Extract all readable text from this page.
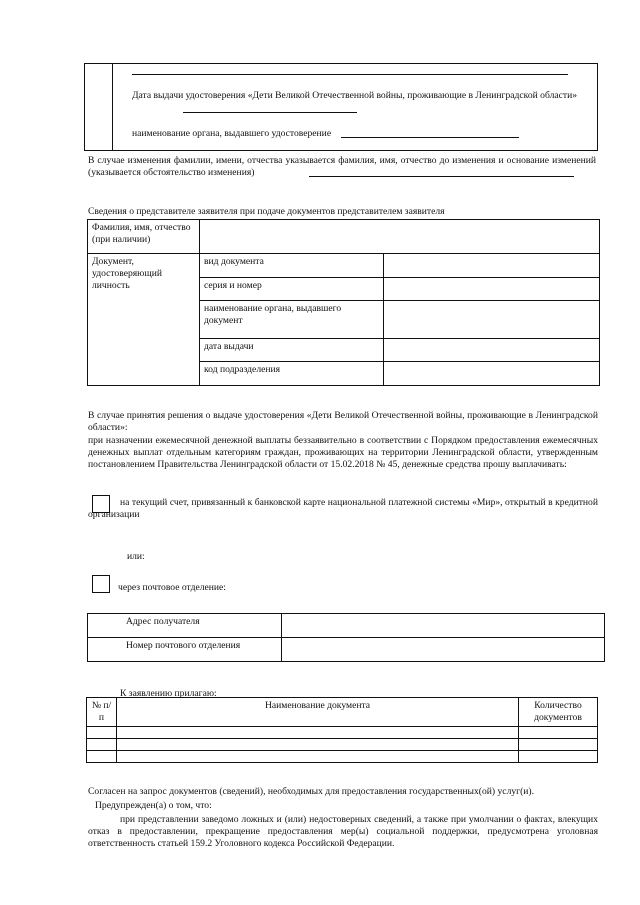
Дата выдачи удостоверения «Дети Великой Отечественной войны, проживающие в Ленинградской области»
наименование органа, выдавшего удостоверение
В случае изменения фамилии, имени, отчества указывается фамилия, имя, отчество до изменения и основание изменений (указывается обстоятельство изменения)
Сведения о представителе заявителя при подаче документов представителем заявителя
Фамилия, имя, отчество (при наличии)		
Документ, удостоверяющий личность	вид документа	
	серия и номер	
	наименование органа, выдавшего документ	
	дата выдачи	
	код подразделения	
В случае принятия решения о выдаче удостоверения «Дети Великой Отечественной войны, проживающие в Ленинградской области»:
при назначении ежемесячной денежной выплаты беззаявительно в соответствии с Порядком предоставления ежемесячных денежных выплат отдельным категориям граждан, проживающих на территории Ленинградской области, утвержденным постановлением Правительства Ленинградской области от 15.02.2018 № 45, денежные средства прошу выплачивать:
на текущий счет, привязанный к банковской карте национальной платежной системы «Мир», открытый в кредитной организации
или:
через почтовое отделение:
Адрес получателя	
Номер почтового отделения	
К заявлению прилагаю:
№ п/п	Наименование документа	Количество документов

Согласен на запрос документов (сведений), необходимых для предоставления государственных(ой) услуг(и).
Предупрежден(а) о том, что:
при представлении заведомо ложных и (или) недостоверных сведений, а также при умолчании о фактах, влекущих отказ в предоставлении, прекращение предоставления мер(ы) социальной поддержки, предусмотрена уголовная ответственность статьей 159.2 Уголовного кодекса Российской Федерации.
